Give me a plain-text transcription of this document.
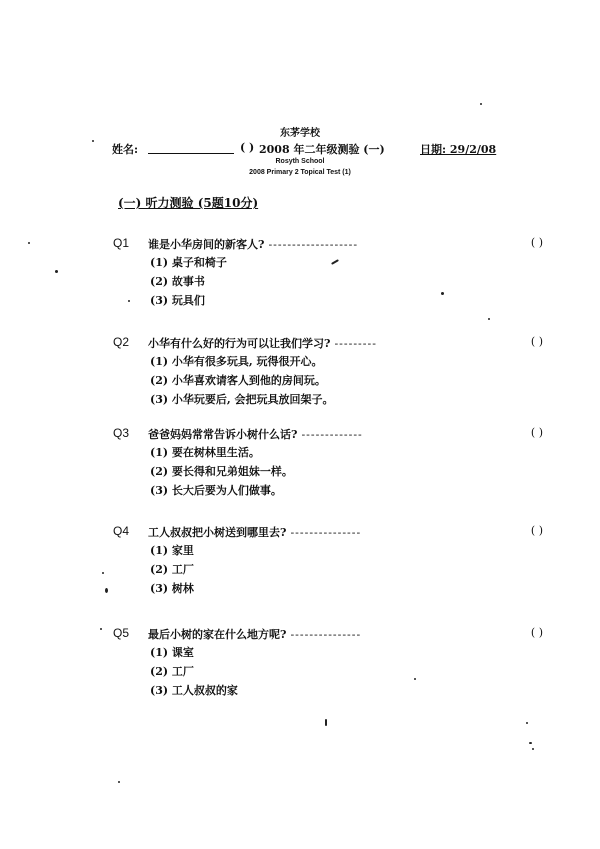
东茅学校
姓名:	( ) 2008 年二年级测验 (一)	日期: 29/2/08
Rosyth School
2008 Primary 2 Topical Test (1)
(一) 听力测验 (5题10分)
Q1 谁是小华房间的新客人? -------------------	( )
(1) 桌子和椅子
(2) 故事书
(3) 玩具们
Q2 小华有什么好的行为可以让我们学习? ---------	( )
(1) 小华有很多玩具, 玩得很开心。
(2) 小华喜欢请客人到他的房间玩。
(3) 小华玩要后, 会把玩具放回架子。
Q3 爸爸妈妈常常告诉小树什么话? -------------	( )
(1) 要在树林里生活。
(2) 要长得和兄弟姐妹一样。
(3) 长大后要为人们做事。
Q4 工人叔叔把小树送到哪里去? ---------------	( )
(1) 家里
(2) 工厂
(3) 树林
Q5 最后小树的家在什么地方呢? ---------------	( )
(1) 课室
(2) 工厂
(3) 工人叔叔的家
